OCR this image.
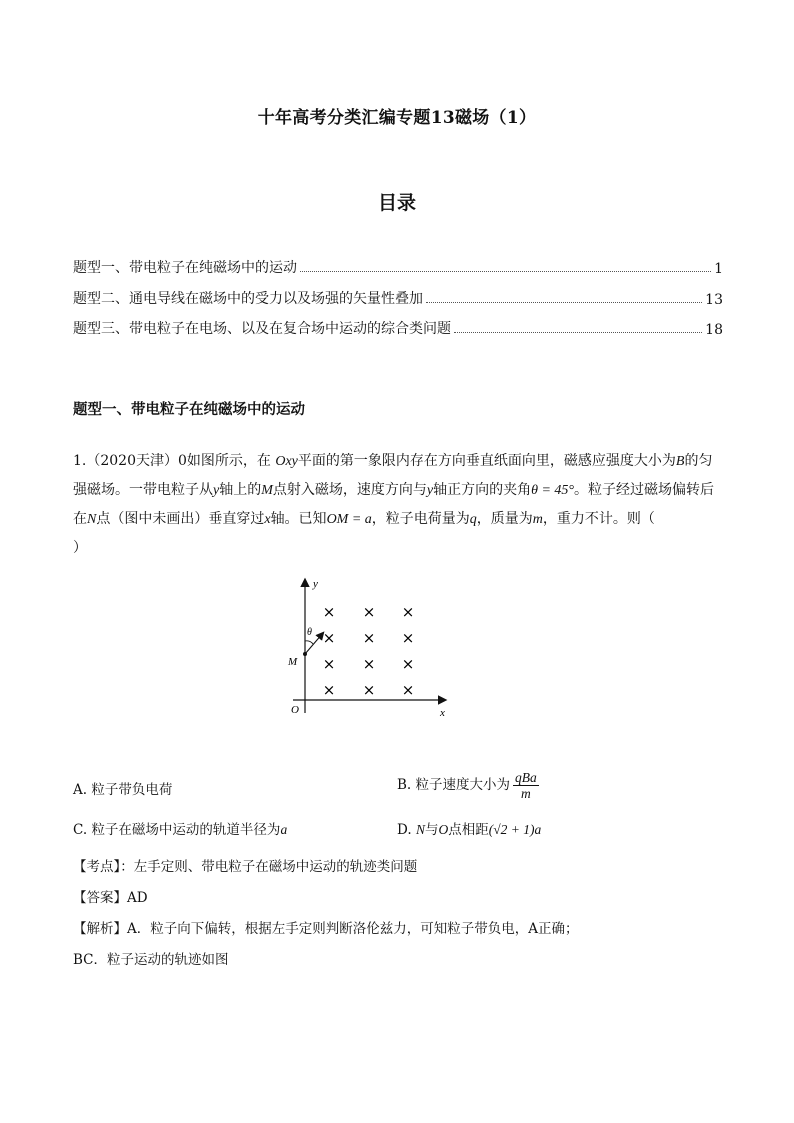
十年高考分类汇编专题13磁场（1）
目录
题型一、带电粒子在纯磁场中的运动	1
题型二、通电导线在磁场中的受力以及场强的矢量性叠加	13
题型三、带电粒子在电场、以及在复合场中运动的综合类问题	18
题型一、带电粒子在纯磁场中的运动
1.（2020天津）0如图所示，在 Oxy平面的第一象限内存在方向垂直纸面向里，磁感应强度大小为B的匀强磁场。一带电粒子从y轴上的M点射入磁场，速度方向与y轴正方向的夹角θ = 45°。粒子经过磁场偏转后在N点（图中未画出）垂直穿过x轴。已知OM = a，粒子电荷量为q，质量为m，重力不计。则（
）
y
x
O
M
θ
× × ×
× × ×
× × ×
× × ×
A. 粒子带负电荷	B. 粒子速度大小为 $\frac{\text{qBa}}{m}$
C. 粒子在磁场中运动的轨道半径为a	D. N与O点相距(√2 + 1)a
【考点】：左手定则、带电粒子在磁场中运动的轨迹类问题
【答案】AD
【解析】A．粒子向下偏转，根据左手定则判断洛伦兹力，可知粒子带负电，A正确；
BC．粒子运动的轨迹如图
